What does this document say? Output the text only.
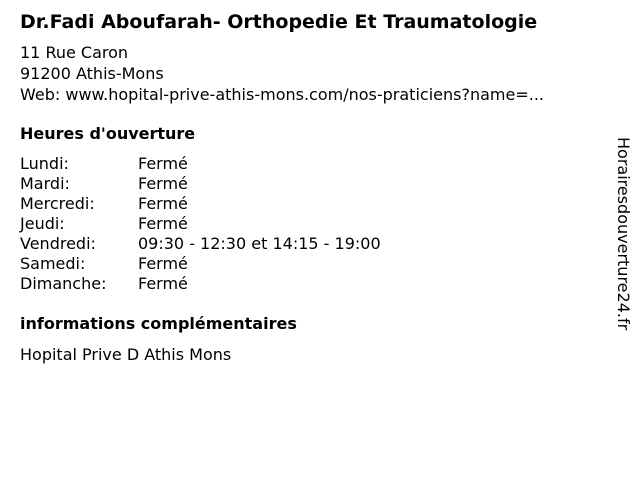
Dr.Fadi Aboufarah- Orthopedie Et Traumatologie
11 Rue Caron
91200 Athis-Mons
Web: www.hopital-prive-athis-mons.com/nos-praticiens?name=...
Heures d'ouverture
Lundi:	Fermé
Mardi:	Fermé
Mercredi:	Fermé
Jeudi:	Fermé
Vendredi:	09:30 - 12:30 et 14:15 - 19:00
Samedi:	Fermé
Dimanche:	Fermé
informations complémentaires
Hopital Prive D Athis Mons
Horairesdouverture24.fr
